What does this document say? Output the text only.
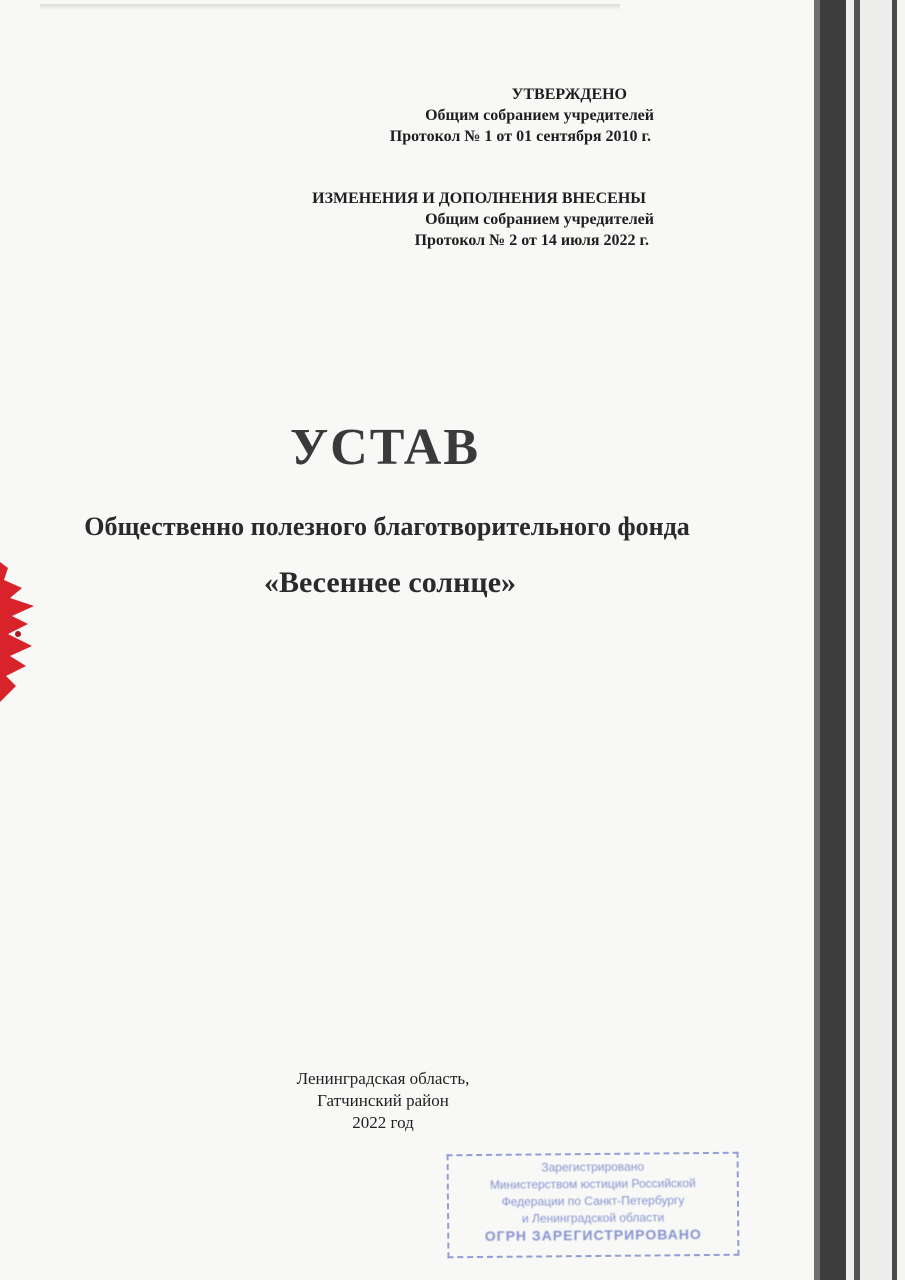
УТВЕРЖДЕНО
Общим собранием учредителей
Протокол № 1 от 01 сентября 2010 г.
ИЗМЕНЕНИЯ И ДОПОЛНЕНИЯ ВНЕСЕНЫ
Общим собранием учредителей
Протокол № 2 от 14 июля 2022 г.
УСТАВ
Общественно полезного благотворительного фонда
«Весеннее солнце»
Ленинградская область,
Гатчинский район
2022 год
Зарегистрировано
Министерством юстиции Российской
Федерации по Санкт-Петербургу
и Ленинградской области
ОГРН ЗАРЕГИСТРИРОВАНО
